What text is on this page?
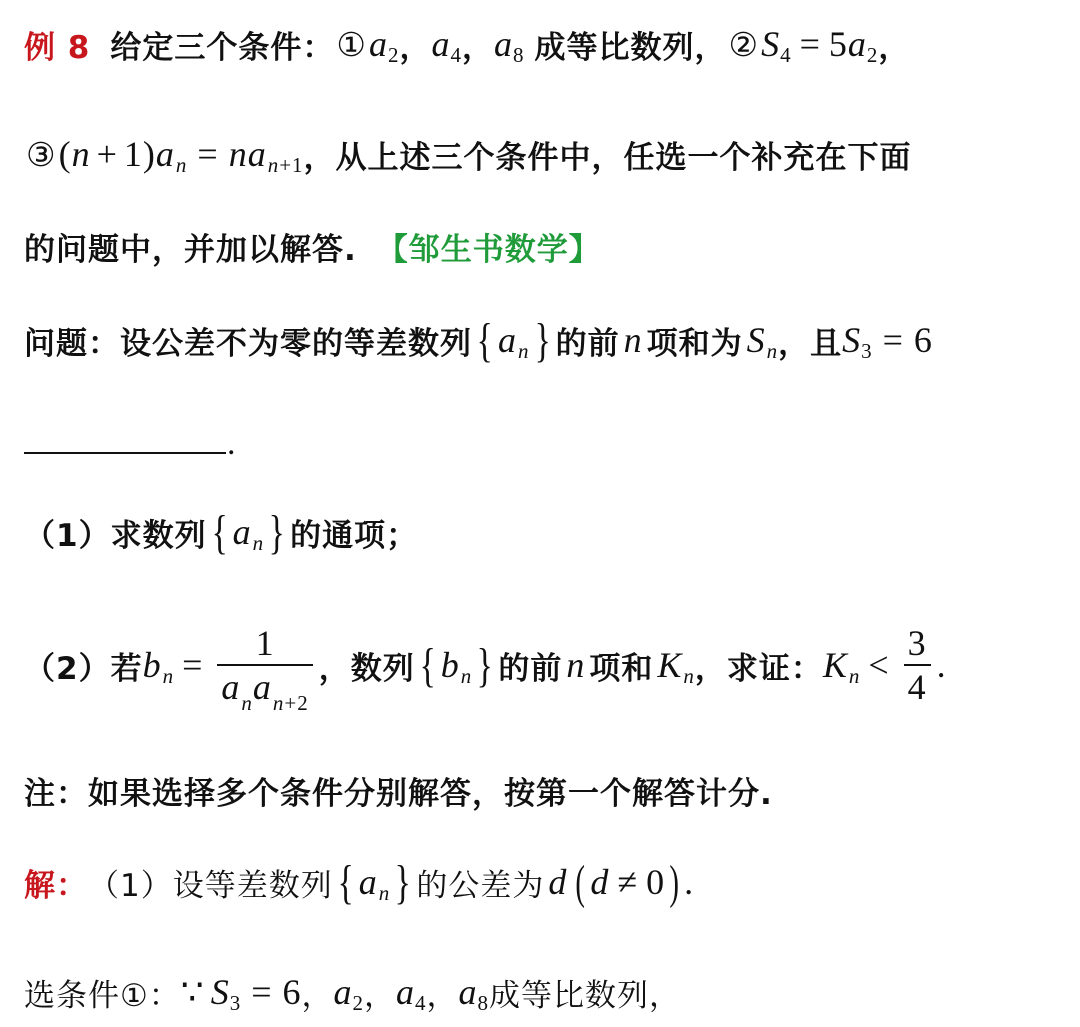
例 8 给定三个条件： ① a 2 ， a 4 ， a 8 成等比数列， ② S 4 = 5 a 2 ，
③ ( n + 1) a n = na n +1 ，从上述三个条件中，任选一个补充在下面
的问题中，并加以解答. 【邹生书数学】
问题：设公差不为零的等差数列 { a n } 的前 n 项和为 S n ，且 S 3 = 6
.
（1）求数列 { a n } 的通项；
（2）若 b $n = \frac{1}{a_na_{n+2}}$ ，数列 { b n } 的前 n 项和 K n ，求证： K $n < \frac{3}{4}$ .
注：如果选择多个条件分别解答，按第一个解答计分.
解： （1）设等差数列 { a n } 的公差为 d ( d ≠ 0 ) .
选条件①： ∵ S 3 = 6 ， a 2 ， a 4 ， a 8 成等比数列，
